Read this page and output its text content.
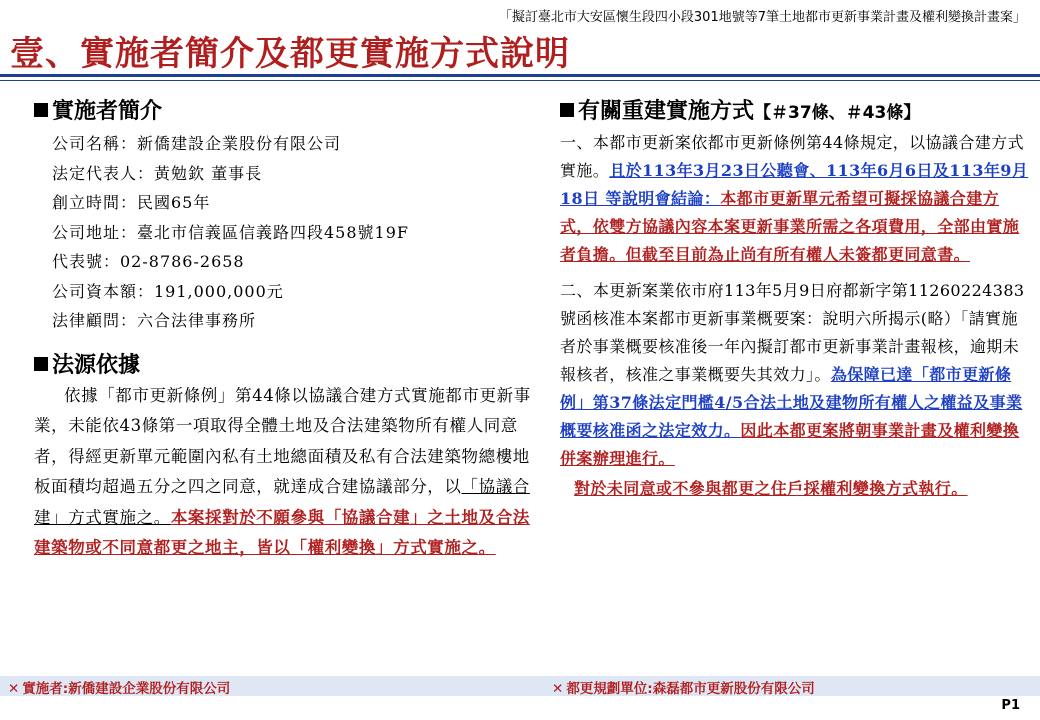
「擬訂臺北市大安區懷生段四小段301地號等7筆土地都市更新事業計畫及權利變換計畫案」
壹、實施者簡介及都更實施方式說明
實施者簡介
公司名稱：新僑建設企業股份有限公司
法定代表人：黃勉欽 董事長
創立時間：民國65年
公司地址：臺北市信義區信義路四段458號19F
代表號：02-8786-2658
公司資本額：191,000,000元
法律顧問：六合法律事務所
法源依據
依據「都市更新條例」第44條以協議合建方式實施都市更新事業，未能依43條第一項取得全體土地及合法建築物所有權人同意者，得經更新單元範圍內私有土地總面積及私有合法建築物總樓地板面積均超過五分之四之同意，就達成合建協議部分，以「協議合建」方式實施之。本案採對於不願參與「協議合建」之土地及合法建築物或不同意都更之地主，皆以「權利變換」方式實施之。
有關重建實施方式【＃37條、＃43條】
一、本都市更新案依都市更新條例第44條規定，以協議合建方式實施。且於113年3月23日公聽會、113年6月6日及113年9月18日 等說明會結論：本都市更新單元希望可擬採協議合建方式，依雙方協議內容本案更新事業所需之各項費用，全部由實施者負擔。但截至目前為止尚有所有權人未簽都更同意書。
二、本更新案業依市府113年5月9日府都新字第11260224383號函核准本案都市更新事業概要案：說明六所揭示(略）「請實施者於事業概要核准後一年內擬訂都市更新事業計畫報核，逾期未報核者，核准之事業概要失其效力」。為保障已達「都市更新條例」第37條法定門檻4/5合法土地及建物所有權人之權益及事業概要核准函之法定效力。因此本都更案將朝事業計畫及權利變換併案辦理進行。
對於未同意或不參與都更之住戶採權利變換方式執行。
✕ 實施者:新僑建設企業股份有限公司	✕ 都更規劃單位:森磊都市更新股份有限公司
P1
